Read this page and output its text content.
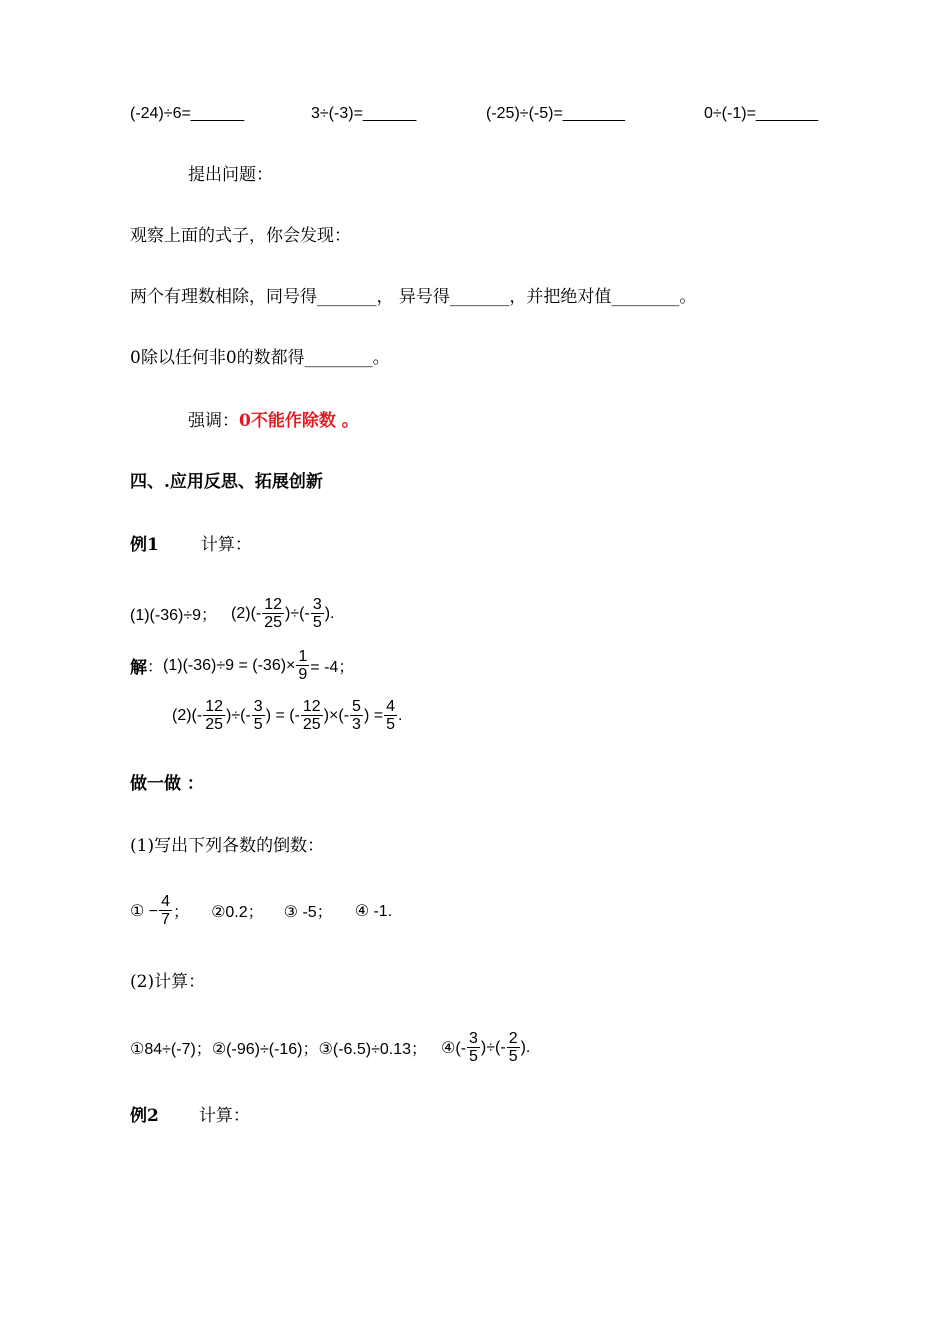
(-24)÷6=______	3÷(-3)=______	(-25)÷(-5)=_______	0÷(-1)=_______
提出问题：
观察上面的式子，你会发现：
两个有理数相除，同号得_______， 异号得_______，并把绝对值________。
0除以任何非0的数都得________。
强调：0不能作除数 。
四、.应用反思、拓展创新
例1 计算：
(1)(-36)÷9； $(2)(- \frac{12}{25}$ )÷(- $\frac{3}{5}$ ).
解 ： $(1)(-36)\div 9 = (-36)\times \frac{1}{9} = -4$；
$(2)(- \frac{12}{25}$ )÷(- $\frac{3}{5}$ ) = (- $\frac{12}{25}$ )×(- $\frac{5}{3}$ ) = $\frac{4}{5}$ .
做一做 ：
(1)写出下列各数的倒数：
① − $\frac{4}{7}$ ； ②0.2； ③ -5； ④ -1.
(2)计算：
①84÷(-7)； ②(-96)÷(-16)； ③(-6.5)÷0.13； ④(- $\frac{3}{5}$ )÷(- $\frac{2}{5}$ ).
例2 计算：
